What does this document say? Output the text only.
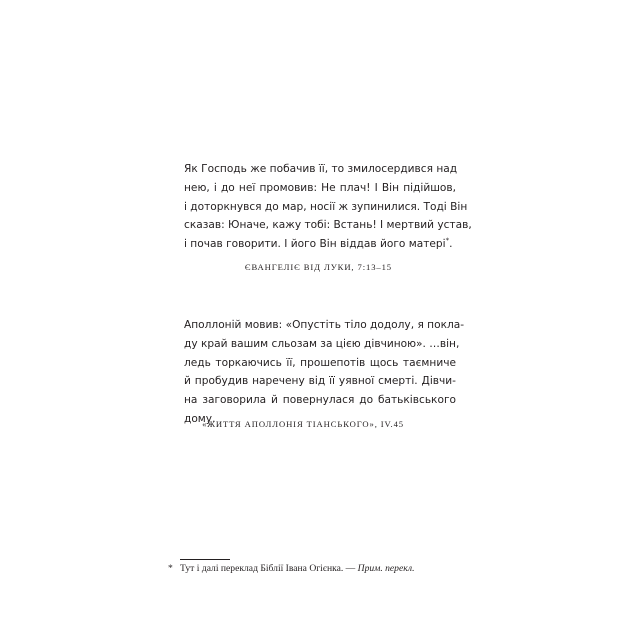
Як Господь же побачив її, то змилосердився над
нею, і до неї промовив: Не плач! І Він підійшов,
і доторкнувся до мар, носії ж зупинилися. Тоді Він
сказав: Юначе, кажу тобі: Встань! І мертвий устав,
і почав говорити. І його Він віддав його матері*.
ЄВАНГЕЛІЄ ВІД ЛУКИ, 7:13–15
Аполлоній мовив: «Опустіть тіло додолу, я поклa-
ду край вашим сльозам за цією дівчиною». …він,
ледь торкаючись її, прошепотів щось таємниче
й пробудив наречену від її уявної смерті. Дівчи-
на заговорила й повернулася до батьківського
дому.
«ЖИТТЯ АПОЛЛОНІЯ ТІАНСЬКОГО», IV.45
* Тут і далі переклад Біблії Івана Огієнка. — Прим. перекл.
